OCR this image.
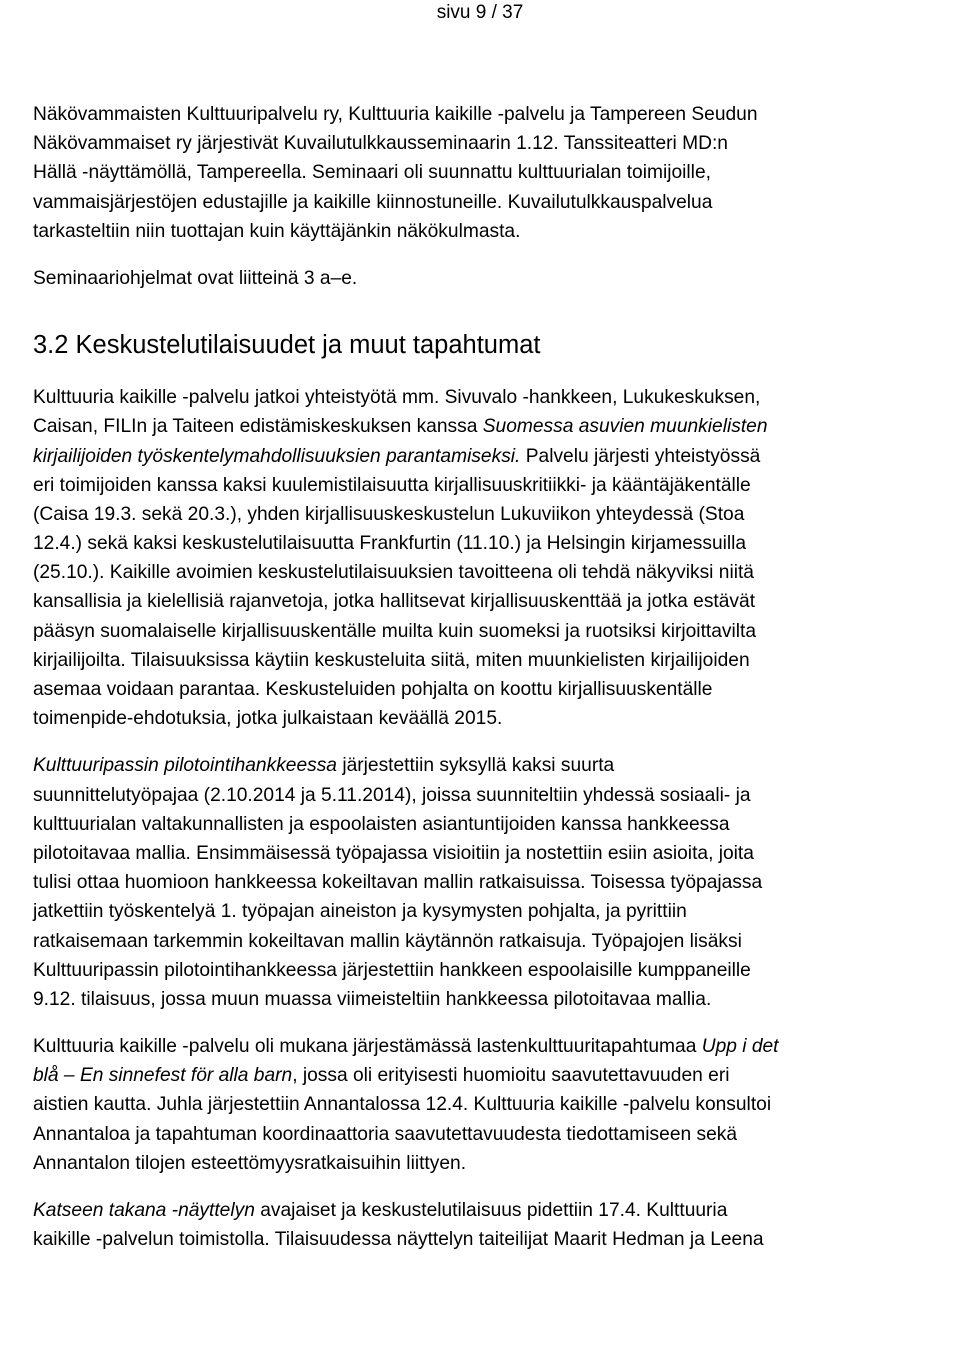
sivu 9 / 37
Näkövammaisten Kulttuuripalvelu ry, Kulttuuria kaikille -palvelu ja Tampereen Seudun
Näkövammaiset ry järjestivät Kuvailutulkkausseminaarin 1.12. Tanssiteatteri MD:n
Hällä -näyttämöllä, Tampereella. Seminaari oli suunnattu kulttuurialan toimijoille,
vammaisjärjestöjen edustajille ja kaikille kiinnostuneille. Kuvailutulkkauspalvelua
tarkasteltiin niin tuottajan kuin käyttäjänkin näkökulmasta.
Seminaariohjelmat ovat liitteinä 3 a–e.
3.2 Keskustelutilaisuudet ja muut tapahtumat
Kulttuuria kaikille -palvelu jatkoi yhteistyötä mm. Sivuvalo -hankkeen, Lukukeskuksen,
Caisan, FILIn ja Taiteen edistämiskeskuksen kanssa Suomessa asuvien muunkielisten
kirjailijoiden työskentelymahdollisuuksien parantamiseksi. Palvelu järjesti yhteistyössä
eri toimijoiden kanssa kaksi kuulemistilaisuutta kirjallisuuskritiikki- ja kääntäjäkentälle
(Caisa 19.3. sekä 20.3.), yhden kirjallisuuskeskustelun Lukuviikon yhteydessä (Stoa
12.4.) sekä kaksi keskustelutilaisuutta Frankfurtin (11.10.) ja Helsingin kirjamessuilla
(25.10.). Kaikille avoimien keskustelutilaisuuksien tavoitteena oli tehdä näkyviksi niitä
kansallisia ja kielellisiä rajanvetoja, jotka hallitsevat kirjallisuuskenttää ja jotka estävät
pääsyn suomalaiselle kirjallisuuskentälle muilta kuin suomeksi ja ruotsiksi kirjoittavilta
kirjailijoilta. Tilaisuuksissa käytiin keskusteluita siitä, miten muunkielisten kirjailijoiden
asemaa voidaan parantaa. Keskusteluiden pohjalta on koottu kirjallisuuskentälle
toimenpide-ehdotuksia, jotka julkaistaan keväällä 2015.
Kulttuuripassin pilotointihankkeessa järjestettiin syksyllä kaksi suurta
suunnittelutyöpajaa (2.10.2014 ja 5.11.2014), joissa suunniteltiin yhdessä sosiaali- ja
kulttuurialan valtakunnallisten ja espoolaisten asiantuntijoiden kanssa hankkeessa
pilotoitavaa mallia. Ensimmäisessä työpajassa visioitiin ja nostettiin esiin asioita, joita
tulisi ottaa huomioon hankkeessa kokeiltavan mallin ratkaisuissa. Toisessa työpajassa
jatkettiin työskentelyä 1. työpajan aineiston ja kysymysten pohjalta, ja pyrittiin
ratkaisemaan tarkemmin kokeiltavan mallin käytännön ratkaisuja. Työpajojen lisäksi
Kulttuuripassin pilotointihankkeessa järjestettiin hankkeen espoolaisille kumppaneille
9.12. tilaisuus, jossa muun muassa viimeisteltiin hankkeessa pilotoitavaa mallia.
Kulttuuria kaikille -palvelu oli mukana järjestämässä lastenkulttuuritapahtumaa Upp i det
blå – En sinnefest för alla barn, jossa oli erityisesti huomioitu saavutettavuuden eri
aistien kautta. Juhla järjestettiin Annantalossa 12.4. Kulttuuria kaikille -palvelu konsultoi
Annantaloa ja tapahtuman koordinaattoria saavutettavuudesta tiedottamiseen sekä
Annantalon tilojen esteettömyysratkaisuihin liittyen.
Katseen takana -näyttelyn avajaiset ja keskustelutilaisuus pidettiin 17.4. Kulttuuria
kaikille -palvelun toimistolla. Tilaisuudessa näyttelyn taiteilijat Maarit Hedman ja Leena
